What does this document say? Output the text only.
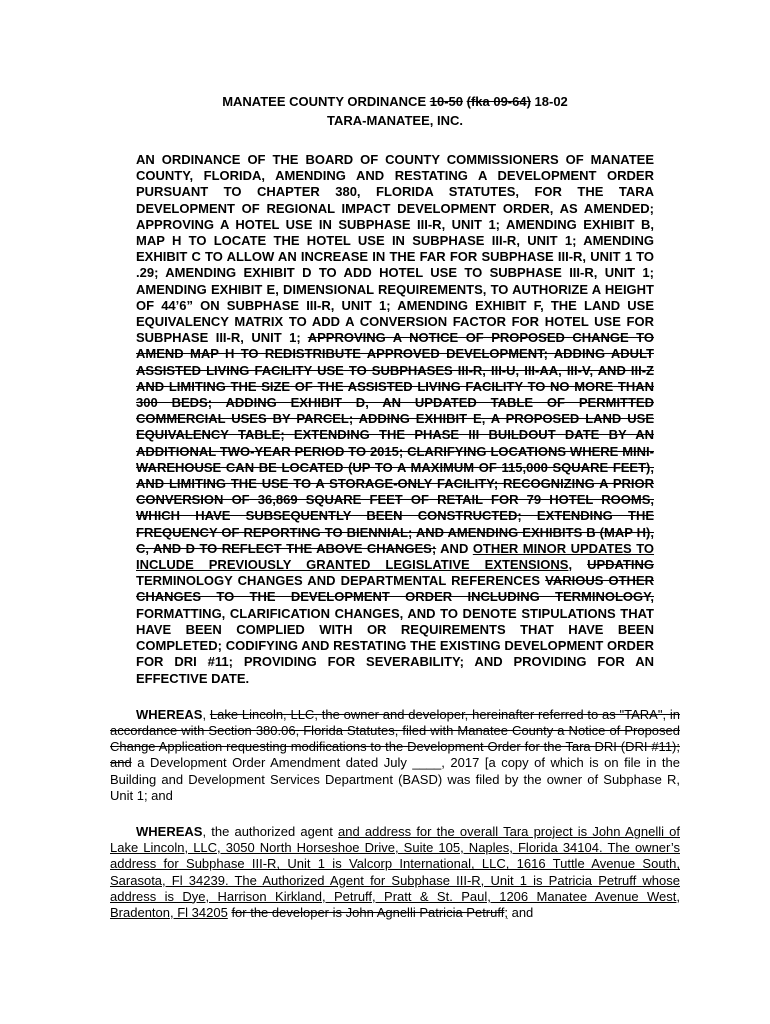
MANATEE COUNTY ORDINANCE 10-50 (fka 09-64) 18-02
TARA-MANATEE, INC.

AN ORDINANCE OF THE BOARD OF COUNTY COMMISSIONERS OF MANATEE COUNTY, FLORIDA, AMENDING AND RESTATING A DEVELOPMENT ORDER PURSUANT TO CHAPTER 380, FLORIDA STATUTES, FOR THE TARA DEVELOPMENT OF REGIONAL IMPACT DEVELOPMENT ORDER, AS AMENDED; APPROVING A HOTEL USE IN SUBPHASE III-R, UNIT 1; AMENDING EXHIBIT B, MAP H TO LOCATE THE HOTEL USE IN SUBPHASE III-R, UNIT 1; AMENDING EXHIBIT C TO ALLOW AN INCREASE IN THE FAR FOR SUBPHASE III-R, UNIT 1 TO .29; AMENDING EXHIBIT D TO ADD HOTEL USE TO SUBPHASE III-R, UNIT 1; AMENDING EXHIBIT E, DIMENSIONAL REQUIREMENTS, TO AUTHORIZE A HEIGHT OF 44’6” ON SUBPHASE III-R, UNIT 1; AMENDING EXHIBIT F, THE LAND USE EQUIVALENCY MATRIX TO ADD A CONVERSION FACTOR FOR HOTEL USE FOR SUBPHASE III-R, UNIT 1; APPROVING A NOTICE OF PROPOSED CHANGE TO AMEND MAP H TO REDISTRIBUTE APPROVED DEVELOPMENT; ADDING ADULT ASSISTED LIVING FACILITY USE TO SUBPHASES III-R, III-U, III-AA, III-V, AND III-Z AND LIMITING THE SIZE OF THE ASSISTED LIVING FACILITY TO NO MORE THAN 300 BEDS; ADDING EXHIBIT D, AN UPDATED TABLE OF PERMITTED COMMERCIAL USES BY PARCEL; ADDING EXHIBIT E, A PROPOSED LAND USE EQUIVALENCY TABLE; EXTENDING THE PHASE III BUILDOUT DATE BY AN ADDITIONAL TWO-YEAR PERIOD TO 2015; CLARIFYING LOCATIONS WHERE MINI-WAREHOUSE CAN BE LOCATED (UP TO A MAXIMUM OF 115,000 SQUARE FEET), AND LIMITING THE USE TO A STORAGE-ONLY FACILITY; RECOGNIZING A PRIOR CONVERSION OF 36,869 SQUARE FEET OF RETAIL FOR 79 HOTEL ROOMS, WHICH HAVE SUBSEQUENTLY BEEN CONSTRUCTED; EXTENDING THE FREQUENCY OF REPORTING TO BIENNIAL; AND AMENDING EXHIBITS B (MAP H), C, AND D TO REFLECT THE ABOVE CHANGES; AND OTHER MINOR UPDATES TO INCLUDE PREVIOUSLY GRANTED LEGISLATIVE EXTENSIONS, UPDATING TERMINOLOGY CHANGES AND DEPARTMENTAL REFERENCES VARIOUS OTHER CHANGES TO THE DEVELOPMENT ORDER INCLUDING TERMINOLOGY, FORMATTING, CLARIFICATION CHANGES, AND TO DENOTE STIPULATIONS THAT HAVE BEEN COMPLIED WITH OR REQUIREMENTS THAT HAVE BEEN COMPLETED; CODIFYING AND RESTATING THE EXISTING DEVELOPMENT ORDER FOR DRI #11; PROVIDING FOR SEVERABILITY; AND PROVIDING FOR AN EFFECTIVE DATE.

WHEREAS, Lake Lincoln, LLC, the owner and developer, hereinafter referred to as "TARA", in accordance with Section 380.06, Florida Statutes, filed with Manatee County a Notice of Proposed Change Application requesting modifications to the Development Order for the Tara DRI (DRI #11); and a Development Order Amendment dated July ____, 2017 [a copy of which is on file in the Building and Development Services Department (BASD) was filed by the owner of Subphase R, Unit 1; and

WHEREAS, the authorized agent and address for the overall Tara project is John Agnelli of Lake Lincoln, LLC, 3050 North Horseshoe Drive, Suite 105, Naples, Florida 34104. The owner’s address for Subphase III-R, Unit 1 is Valcorp International, LLC, 1616 Tuttle Avenue South, Sarasota, Fl 34239. The Authorized Agent for Subphase III-R, Unit 1 is Patricia Petruff whose address is Dye, Harrison Kirkland, Petruff, Pratt & St. Paul, 1206 Manatee Avenue West, Bradenton, Fl 34205 for the developer is John Agnelli Patricia Petruff; and
